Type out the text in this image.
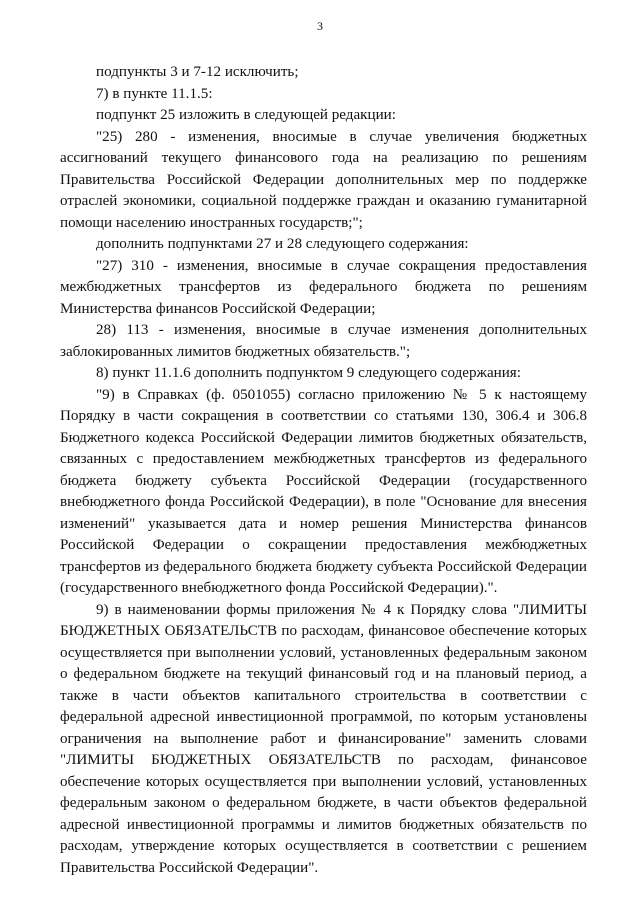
3

подпункты 3 и 7-12 исключить;

7) в пункте 11.1.5:

подпункт 25 изложить в следующей редакции:

"25) 280 - изменения, вносимые в случае увеличения бюджетных ассигнований текущего финансового года на реализацию по решениям Правительства Российской Федерации дополнительных мер по поддержке отраслей экономики, социальной поддержке граждан и оказанию гуманитарной помощи населению иностранных государств;";

дополнить подпунктами 27 и 28 следующего содержания:

"27) 310 - изменения, вносимые в случае сокращения предоставления межбюджетных трансфертов из федерального бюджета по решениям Министерства финансов Российской Федерации;

28) 113 - изменения, вносимые в случае изменения дополнительных заблокированных лимитов бюджетных обязательств.";

8) пункт 11.1.6 дополнить подпунктом 9 следующего содержания:

"9) в Справках (ф. 0501055) согласно приложению № 5 к настоящему Порядку в части сокращения в соответствии со статьями 130, 306.4 и 306.8 Бюджетного кодекса Российской Федерации лимитов бюджетных обязательств, связанных с предоставлением межбюджетных трансфертов из федерального бюджета бюджету субъекта Российской Федерации (государственного внебюджетного фонда Российской Федерации), в поле "Основание для внесения изменений" указывается дата и номер решения Министерства финансов Российской Федерации о сокращении предоставления межбюджетных трансфертов из федерального бюджета бюджету субъекта Российской Федерации (государственного внебюджетного фонда Российской Федерации).".

9) в наименовании формы приложения № 4 к Порядку слова "ЛИМИТЫ БЮДЖЕТНЫХ ОБЯЗАТЕЛЬСТВ по расходам, финансовое обеспечение которых осуществляется при выполнении условий, установленных федеральным законом о федеральном бюджете на текущий финансовый год и на плановый период, а также в части объектов капитального строительства в соответствии с федеральной адресной инвестиционной программой, по которым установлены ограничения на выполнение работ и финансирование" заменить словами "ЛИМИТЫ БЮДЖЕТНЫХ ОБЯЗАТЕЛЬСТВ по расходам, финансовое обеспечение которых осуществляется при выполнении условий, установленных федеральным законом о федеральном бюджете, в части объектов федеральной адресной инвестиционной программы и лимитов бюджетных обязательств по расходам, утверждение которых осуществляется в соответствии с решением Правительства Российской Федерации".
